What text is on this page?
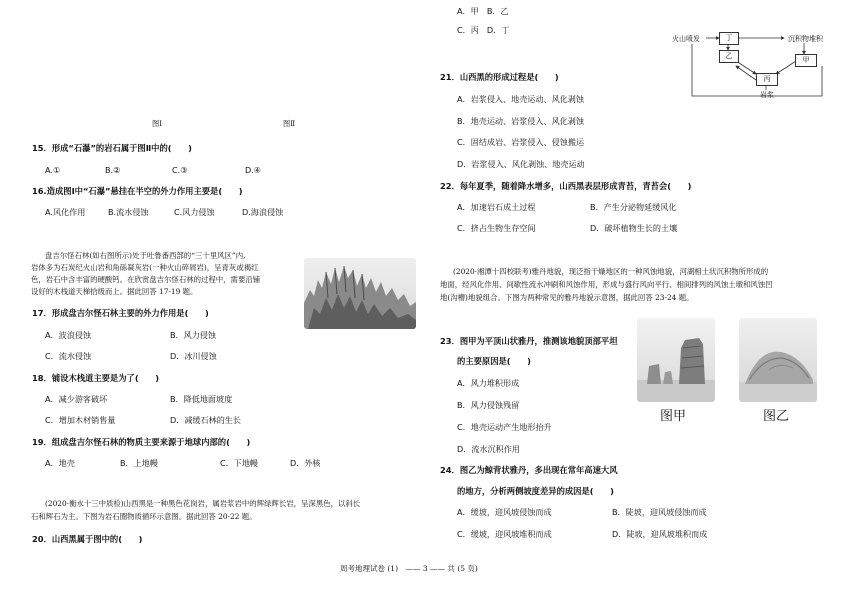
A．甲　B．乙
C．丙　D．丁
图Ⅰ	图Ⅱ
15．形成“石瀑”的岩石属于图Ⅱ中的(　　)
A.①	B.②	C.③	D.④
16.造成图Ⅰ中“石瀑”悬挂在半空的外力作用主要是(　　)
A.风化作用	B.流水侵蚀	C.风力侵蚀	D.海浪侵蚀
盘吉尔怪石林(如右图所示)处于吐鲁番西部的“三十里风区”内,
岩体多为石炭纪火山岩和角砾凝灰岩(一种火山碎屑岩)，呈青灰或褐红
色，岩石中含丰富的硬酸钙。在欣赏盘吉尔怪石林的过程中，需要沿铺
设好的木栈道天梯拾级而上。据此回答 17-19 题。
17．形成盘吉尔怪石林主要的外力作用是(　　)
A．波浪侵蚀	B．风力侵蚀
C．流水侵蚀	D．冰川侵蚀
18．铺设木栈道主要是为了(　　)
A．减少游客破坏	B．降低地面坡度
C．增加木材销售量	D．减缓石林的生长
19．组成盘吉尔怪石林的物质主要来源于地球内部的(　　)
A．地壳	B．上地幔	C．下地幔	D．外核
(2020·衡水十三中质检)山西黑是一种黑色花岗岩，属岩浆岩中的辉绿辉长岩，呈深黑色，以斜长
石和辉石为主。下图为岩石圈物质循环示意图。据此回答 20-22 题。
20．山西黑属于图中的(　　)
21．山西黑的形成过程是(　　)
A．岩浆侵入、地壳运动、风化剥蚀
B．地壳运动、岩浆侵入、风化剥蚀
C．固结成岩、岩浆侵入、侵蚀搬运
D．岩浆侵入、风化剥蚀、地壳运动
火山喷发	沉积物堆积
丁
乙	甲
丙
岩浆
22．每年夏季，随着降水增多，山西黑表层形成青苔，青苔会(　　)
A．加速岩石成土过程	B．产生分泌物延缓风化
C．挤占生物生存空间	D．破坏植物生长的土壤
(2020·湘潭十四校联考)雅丹地貌，现泛指干燥地区的一种风蚀地貌，河湖相土状沉积物所形成的
地面，经风化作用、间歇性流水冲刷和风蚀作用，形成与盛行风向平行、相间排列的风蚀土墩和风蚀凹
地(沟槽)地貌组合。下图为两种常见的雅丹地貌示意图，据此回答 23-24 题。
23．图甲为平顶山状雅丹，推测该地貌顶部平坦
的主要原因是(　　)
A．风力堆积形成
B．风力侵蚀残留
C．地壳运动产生地形抬升
D．流水沉积作用
图甲	图乙
24．图乙为鲸背状雅丹，多出现在常年高速大风
的地方，分析两侧坡度差异的成因是(　　)
A．缓坡，迎风坡侵蚀而成	B．陡坡，迎风坡侵蚀而成
C．缓坡，迎风坡堆积而成	D．陡坡，迎风坡堆积而成
周考地理试卷 (1)　—— 3 —— 共 (5 页)
